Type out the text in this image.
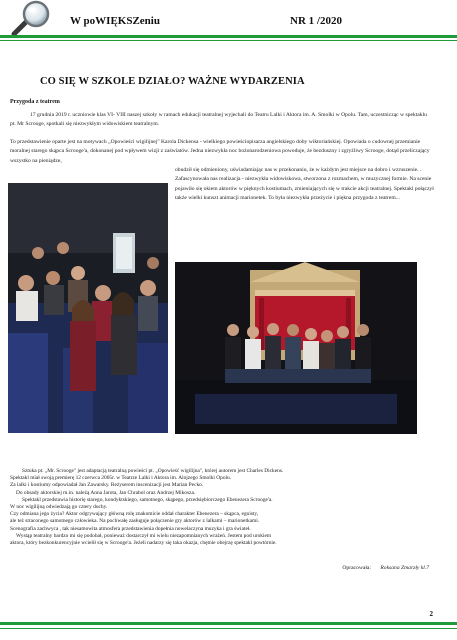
W poWIĘKSZeniu	NR 1 /2020
CO SIĘ W SZKOLE DZIAŁO? WAŻNE WYDARZENIA
Przygoda z teatrem

17 grudnia 2019 r. uczniowie klas VI- VIII naszej szkoły w ramach edukacji teatralnej wyjechali do Teatru Lalki i Aktora im. A. Smolki w Opolu. Tam, uczestnicząc w spektaklu pt. Mr Scrooge, spotkali się niezwykłym widowiskiem teatralnym.

To przedstawienie oparte jest na motywach „Opowieści wigilijnej" Karola Dickensa - wielkiego powieściopisarza angielskiego doby wiktoriańskiej. Opowiada o cudownej przemianie moralnej starego skąpca Scrooge'a, dokonanej pod wpływem wizji z zaświatów. Jedna niezwykła noc bożonarodzeniowa powoduje, że bezduszny i zgryźliwy Scrooge, dotąd przeliczający wszystko na pieniądze,

obudził się odmieniony, uświadamiając nas w przekonaniu, że w każdym jest miejsce na dobro i wzruszenie. . Zafascynowała nas realizacja - niezwykła widowiskowa, stworzona z rozmachem, w muzycznej formie. Na scenie pojawiło się okiem aktorów w pięknych kostiumach, zmieniających się w trakcie akcji teatralnej. Spektakl połączył także wielki kunszt animacji marionetek. To była niezwykła przeżycie i piękna przygoda z teatrem...

Sztuka pt. „Mr. Scrooge" jest adaptacją teatralną powieści pt. „Opowieść wigilijna", której autorem jest Charles Dickens.

Spektakl miał swoją premierę 12 czerwca 2005r. w Teatrze Lalki i Aktora im. Alojzego Smolki Opolu.

Za lalki i kostiumy odpowiadał Jan Zawarsky. Reżyserem inscenizacji jest Marian Pecko.

Do obsady aktorskiej m.in. należą Anna Jarota, Jan Chrabol oraz Andrzej Mikosza.

Spektakl przedstawia historię starego, kondyktskiego, samotnego, skąpego, przedsiębiorczego Ebenezera Scrooge'a.

W noc wigilijną odwiedzają go cztery duchy.

Czy odmiana jego życia? Aktor odgrywający główną rolę znakomicie oddał charakter Ebenezera – skąpca, egoisty,

ale też straconego samotnego człowieka. Na pochwałę zasługuje połączenie gry aktorów z lalkami – marionetkami.

Scenografia zachwyca , tak niesamowita atmosfera przedstawienia dopełnia nowelaczyna muzyka i gra świateł.

Wystąp teatralny bardzo mi się podobał, ponieważ dostarczył mi wielu niezapomnianych wrażeń. Jestem pod urokiem

aktora, który bezkonkurencyjnie wcielił się w Scrooge'a. Jeżeli nadarzy się taka okazja, chętnie obejrzę spektakl powtórnie.

Opracowała: Roksana Zmarzły kl.7
2
